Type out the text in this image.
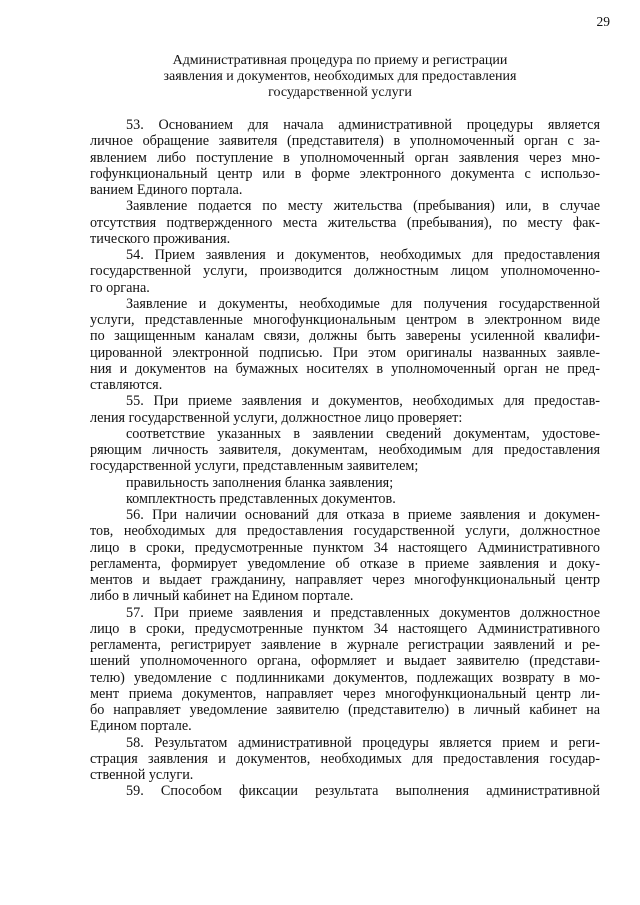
29
Административная процедура по приему и регистрации
заявления и документов, необходимых для предоставления
государственной услуги
53. Основанием для начала административной процедуры является
личное обращение заявителя (представителя) в уполномоченный орган с за-
явлением либо поступление в уполномоченный орган заявления через мно-
гофункциональный центр или в форме электронного документа с использо-
ванием Единого портала.
Заявление подается по месту жительства (пребывания) или, в случае
отсутствия подтвержденного места жительства (пребывания), по месту фак-
тического проживания.
54. Прием заявления и документов, необходимых для предоставления
государственной услуги, производится должностным лицом уполномоченно-
го органа.
Заявление и документы, необходимые для получения государственной
услуги, представленные многофункциональным центром в электронном виде
по защищенным каналам связи, должны быть заверены усиленной квалифи-
цированной электронной подписью. При этом оригиналы названных заявле-
ния и документов на бумажных носителях в уполномоченный орган не пред-
ставляются.
55. При приеме заявления и документов, необходимых для предостав-
ления государственной услуги, должностное лицо проверяет:
соответствие указанных в заявлении сведений документам, удостове-
ряющим личность заявителя, документам, необходимым для предоставления
государственной услуги, представленным заявителем;
правильность заполнения бланка заявления;
комплектность представленных документов.
56. При наличии оснований для отказа в приеме заявления и докумен-
тов, необходимых для предоставления государственной услуги, должностное
лицо в сроки, предусмотренные пунктом 34 настоящего Административного
регламента, формирует уведомление об отказе в приеме заявления и доку-
ментов и выдает гражданину, направляет через многофункциональный центр
либо в личный кабинет на Едином портале.
57. При приеме заявления и представленных документов должностное
лицо в сроки, предусмотренные пунктом 34 настоящего Административного
регламента, регистрирует заявление в журнале регистрации заявлений и ре-
шений уполномоченного органа, оформляет и выдает заявителю (представи-
телю) уведомление с подлинниками документов, подлежащих возврату в мо-
мент приема документов, направляет через многофункциональный центр ли-
бо направляет уведомление заявителю (представителю) в личный кабинет на
Едином портале.
58. Результатом административной процедуры является прием и реги-
страция заявления и документов, необходимых для предоставления государ-
ственной услуги.
59. Способом фиксации результата выполнения административной
